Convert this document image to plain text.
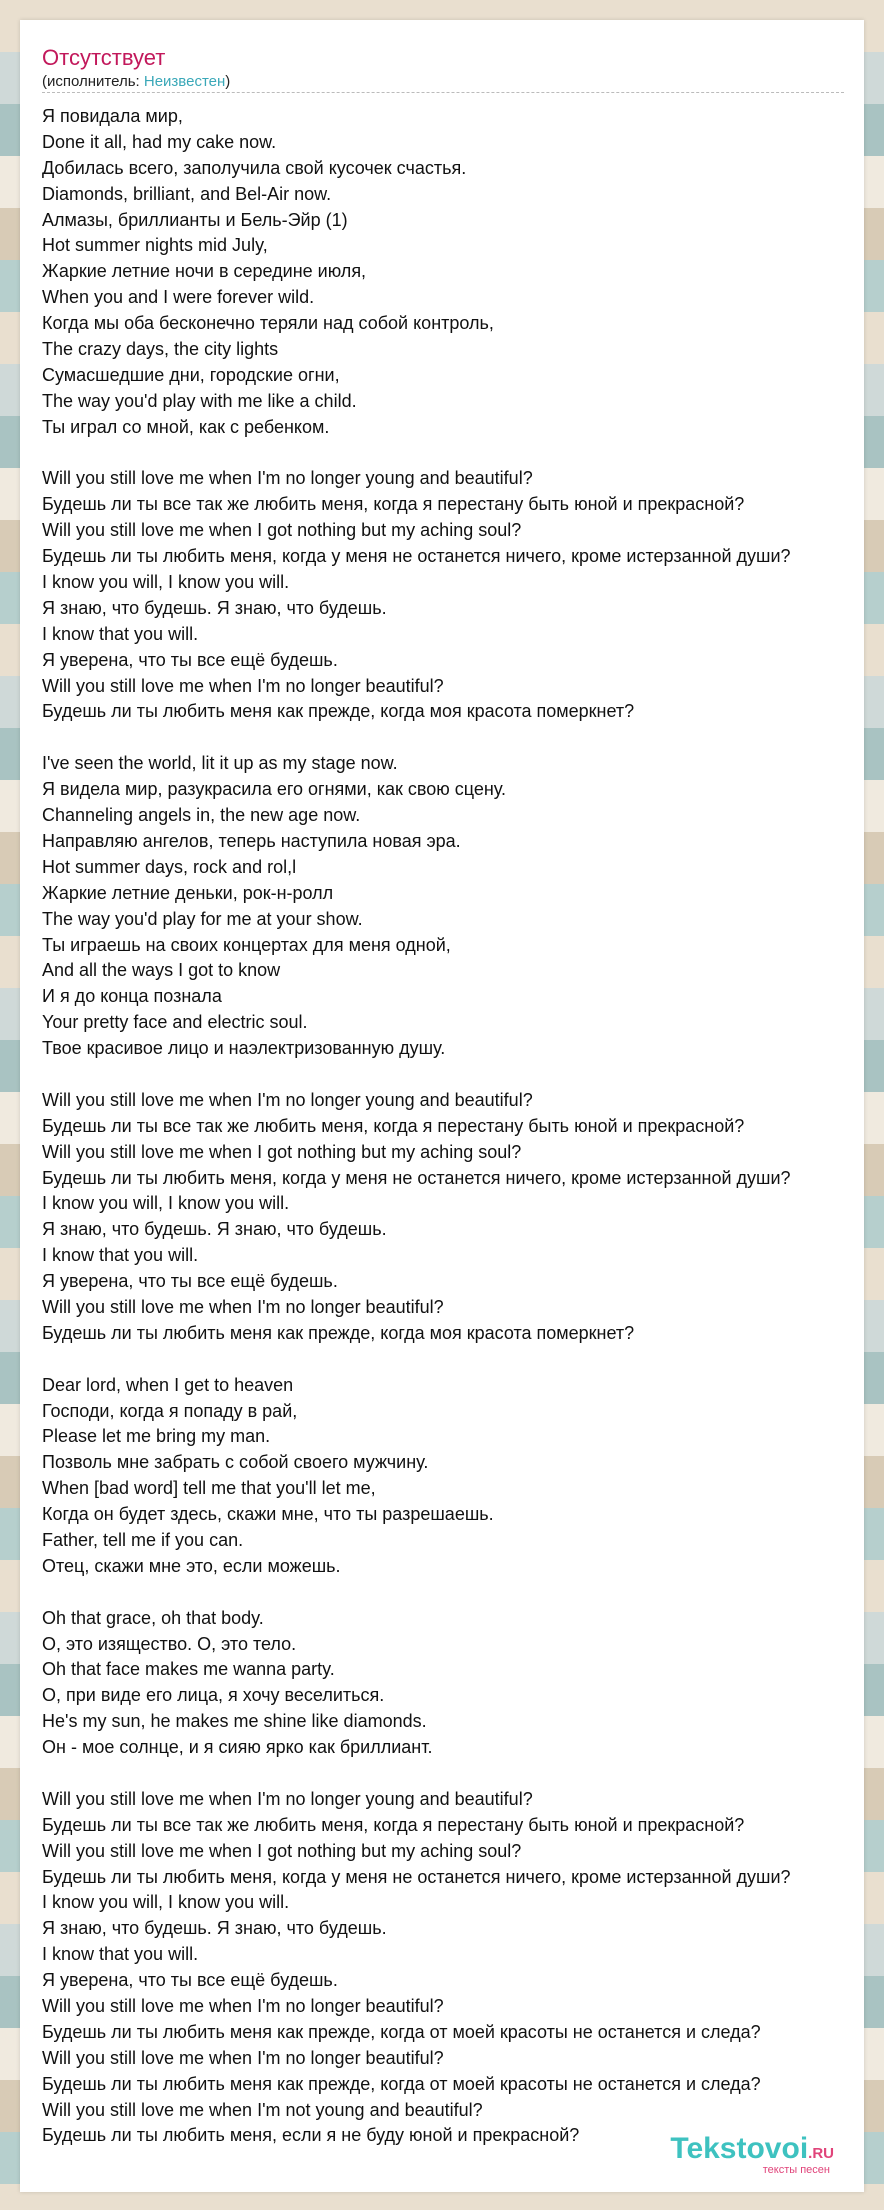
Отсутствует
(исполнитель: Неизвестен)
Я повидала мир,
Done it all, had my cake now.
Добилась всего, заполучила свой кусочек счастья.
Diamonds, brilliant, and Bel-Air now.
Алмазы, бриллианты и Бель-Эйр (1)
Hot summer nights mid July,
Жаркие летние ночи в середине июля,
When you and I were forever wild.
Когда мы оба бесконечно теряли над собой контроль,
The crazy days, the city lights
Сумасшедшие дни, городские огни,
The way you'd play with me like a child.
Ты играл со мной, как с ребенком.
Will you still love me when I'm no longer young and beautiful?
Будешь ли ты все так же любить меня, когда я перестану быть юной и прекрасной?
Will you still love me when I got nothing but my aching soul?
Будешь ли ты любить меня, когда у меня не останется ничего, кроме истерзанной души?
I know you will, I know you will.
Я знаю, что будешь. Я знаю, что будешь.
I know that you will.
Я уверена, что ты все ещё будешь.
Will you still love me when I'm no longer beautiful?
Будешь ли ты любить меня как прежде, когда моя красота померкнет?
I've seen the world, lit it up as my stage now.
Я видела мир, разукрасила его огнями, как свою сцену.
Channeling angels in, the new age now.
Направляю ангелов, теперь наступила новая эра.
Hot summer days, rock and rol,l
Жаркие летние деньки, рок-н-ролл
The way you'd play for me at your show.
Ты играешь на своих концертах для меня одной,
And all the ways I got to know
И я до конца познала
Your pretty face and electric soul.
Твое красивое лицо и наэлектризованную душу.
Will you still love me when I'm no longer young and beautiful?
Будешь ли ты все так же любить меня, когда я перестану быть юной и прекрасной?
Will you still love me when I got nothing but my aching soul?
Будешь ли ты любить меня, когда у меня не останется ничего, кроме истерзанной души?
I know you will, I know you will.
Я знаю, что будешь. Я знаю, что будешь.
I know that you will.
Я уверена, что ты все ещё будешь.
Will you still love me when I'm no longer beautiful?
Будешь ли ты любить меня как прежде, когда моя красота померкнет?
Dear lord, when I get to heaven
Господи, когда я попаду в рай,
Please let me bring my man.
Позволь мне забрать с собой своего мужчину.
When [bad word] tell me that you'll let me,
Когда он будет здесь, скажи мне, что ты разрешаешь.
Father, tell me if you can.
Отец, скажи мне это, если можешь.
Oh that grace, oh that body.
О, это изящество. О, это тело.
Oh that face makes me wanna party.
О, при виде его лица, я хочу веселиться.
He's my sun, he makes me shine like diamonds.
Он - мое солнце, и я сияю ярко как бриллиант.
Will you still love me when I'm no longer young and beautiful?
Будешь ли ты все так же любить меня, когда я перестану быть юной и прекрасной?
Will you still love me when I got nothing but my aching soul?
Будешь ли ты любить меня, когда у меня не останется ничего, кроме истерзанной души?
I know you will, I know you will.
Я знаю, что будешь. Я знаю, что будешь.
I know that you will.
Я уверена, что ты все ещё будешь.
Will you still love me when I'm no longer beautiful?
Будешь ли ты любить меня как прежде, когда от моей красоты не останется и следа?
Will you still love me when I'm no longer beautiful?
Будешь ли ты любить меня как прежде, когда от моей красоты не останется и следа?
Will you still love me when I'm not young and beautiful?
Будешь ли ты любить меня, если я не буду юной и прекрасной?	Tekstovoi.RU
тексты песен
